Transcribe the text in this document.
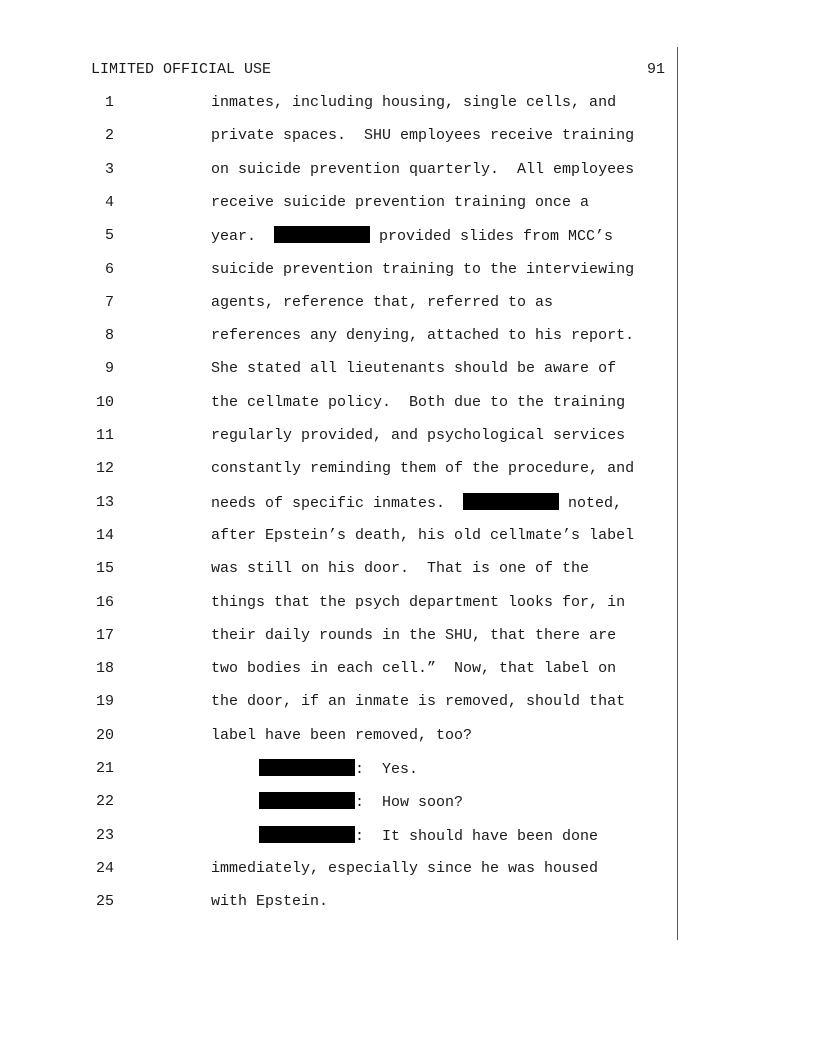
LIMITED OFFICIAL USE	91
1	inmates, including housing, single cells, and
2	private spaces.  SHU employees receive training
3	on suicide prevention quarterly.  All employees
4	receive suicide prevention training once a
5	year.	provided slides from MCC’s
6	suicide prevention training to the interviewing
7	agents, reference that, referred to as
8	references any denying, attached to his report.
9	She stated all lieutenants should be aware of
10	the cellmate policy.  Both due to the training
11	regularly provided, and psychological services
12	constantly reminding them of the procedure, and
13	needs of specific inmates.	noted,
14	after Epstein’s death, his old cellmate’s label
15	was still on his door.  That is one of the
16	things that the psych department looks for, in
17	their daily rounds in the SHU, that there are
18	two bodies in each cell.”  Now, that label on
19	the door, if an inmate is removed, should that
20	label have been removed, too?
21	:  Yes.
22	:  How soon?
23	:  It should have been done
24	immediately, especially since he was housed
25	with Epstein.
